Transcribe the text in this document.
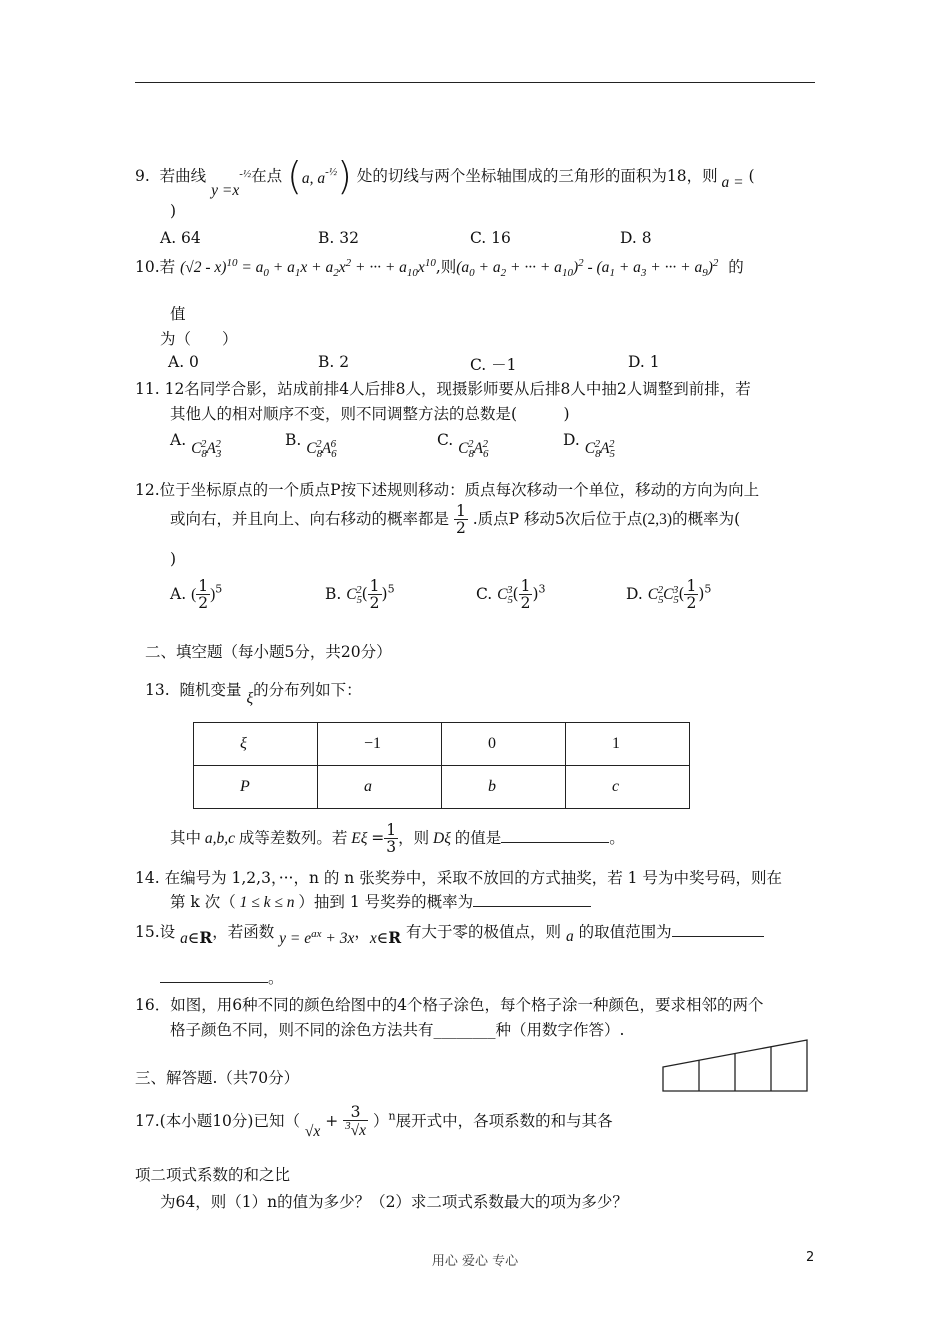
9.  若曲线 $y =x^{-\frac{1}{2}}$在点 (a, $a^{-\frac{1}{2}}$) 处的切线与两个坐标轴围成的三角形的面积为18，则 a = (
)
A. 64	B. 32	C. 16	D. 8
10.若 $(√2 - x)^{10} = a_0 + a_1x + a_2x^2$ + ··· + $a_{10}x^{10}$,则($a_0 + a_2$ + ··· + $a_{10})^2 - (a_1 + a_3$ + ··· + $a_9)^2$  的
值
为（　　）
A. 0	B. 2	C. －1	D. 1
11. 12名同学合影，站成前排4人后排8人，现摄影师要从后排8人中抽2人调整到前排，若
其他人的相对顺序不变，则不同调整方法的总数是(　　　)
A. $C_8^2A_3^2$	B. $C_8^2A_6^6$	C. $C_8^2A_6^2$	D. $C_8^2A_5^2$
12.位于坐标原点的一个质点P按下述规则移动：质点每次移动一个单位，移动的方向为向上
或向右，并且向上、向右移动的概率都是 $\frac{1}{2}$ .质点P 移动5次后位于点(2,3)的概率为(
)
A. ( $\frac{1}{2} )^5$	B. $C_5^2( \frac{1}{2} )^5$	C. $C_5^3( \frac{1}{2} )^3$	D. $C_5^2C_5^3( \frac{1}{2} )^5$
二、填空题（每小题5分，共20分）
13.  随机变量 ξ的分布列如下：
ξ	−1	0	1
P	a	b	c
其中 a,b,c 成等差数列。若 $E\xi = \frac{1}{3}$ ，则 Dξ 的值是	。
14. 在编号为 1,2,3，···，n 的 n 张奖券中，采取不放回的方式抽奖，若 1 号为中奖号码，则在
第 k 次（ 1 ≤ k ≤ n ）抽到 1 号奖券的概率为
15.设 a∈R，若函数 $y = e^{ax} + 3x$，x∈R 有大于零的极值点，则 a 的取值范围为
。
16．如图，用6种不同的颜色给图中的4个格子涂色，每个格子涂一种颜色，要求相邻的两个
格子颜色不同，则不同的涂色方法共有________种（用数字作答）.
三、解答题.（共70分）
17.(本小题10分)已知（ $√x + \frac{3}{^3√x} )^n$展开式中，各项系数的和与其各
项二项式系数的和之比
为64，则（1）n的值为多少？（2）求二项式系数最大的项为多少？
用心 爱心 专心	2
